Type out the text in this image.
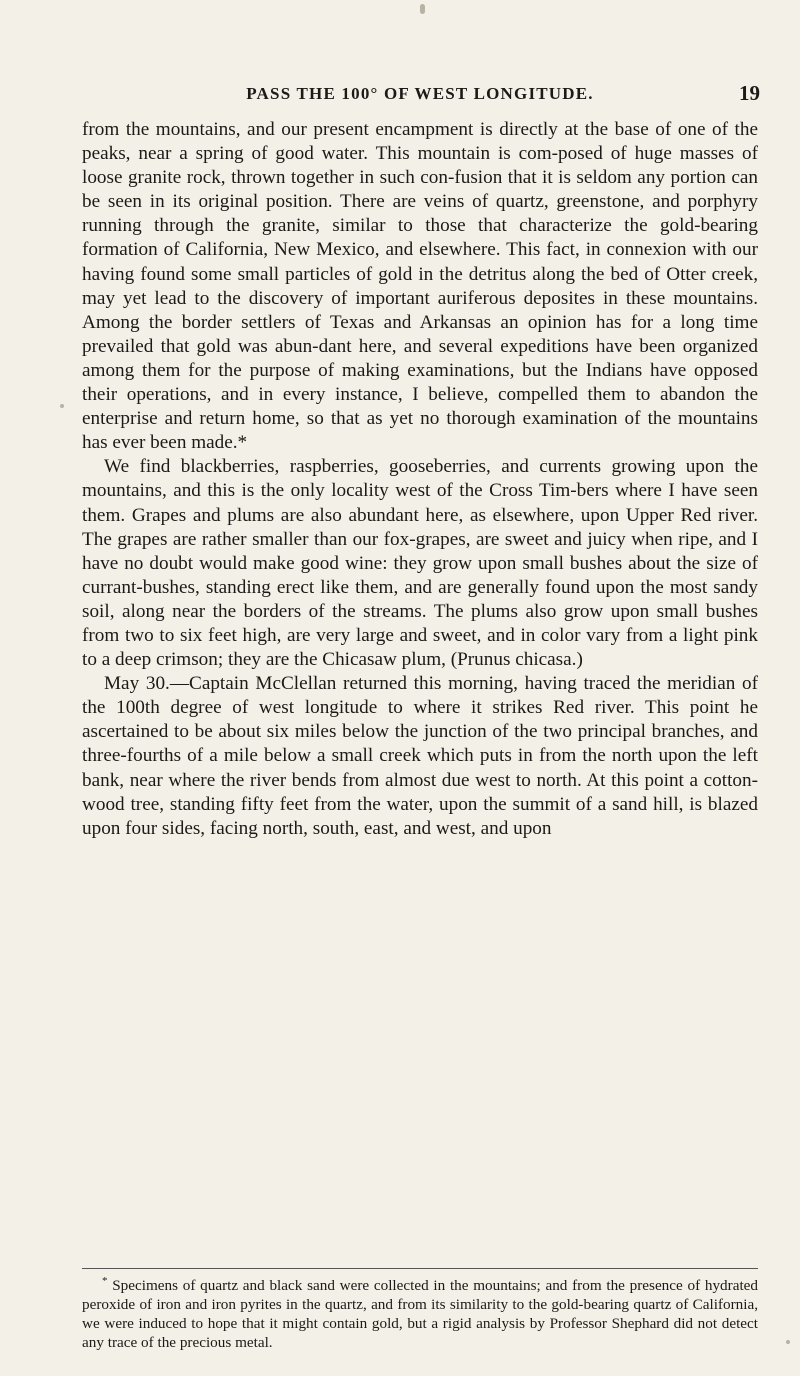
PASS THE 100° OF WEST LONGITUDE.	19

from the mountains, and our present encampment is directly at the base of one of the peaks, near a spring of good water. This mountain is com-posed of huge masses of loose granite rock, thrown together in such con-fusion that it is seldom any portion can be seen in its original position. There are veins of quartz, greenstone, and porphyry running through the granite, similar to those that characterize the gold-bearing formation of California, New Mexico, and elsewhere. This fact, in connexion with our having found some small particles of gold in the detritus along the bed of Otter creek, may yet lead to the discovery of important auriferous deposites in these mountains. Among the border settlers of Texas and Arkansas an opinion has for a long time prevailed that gold was abun-dant here, and several expeditions have been organized among them for the purpose of making examinations, but the Indians have opposed their operations, and in every instance, I believe, compelled them to abandon the enterprise and return home, so that as yet no thorough examination of the mountains has ever been made.*

We find blackberries, raspberries, gooseberries, and currents growing upon the mountains, and this is the only locality west of the Cross Tim-bers where I have seen them. Grapes and plums are also abundant here, as elsewhere, upon Upper Red river. The grapes are rather smaller than our fox-grapes, are sweet and juicy when ripe, and I have no doubt would make good wine: they grow upon small bushes about the size of currant-bushes, standing erect like them, and are generally found upon the most sandy soil, along near the borders of the streams. The plums also grow upon small bushes from two to six feet high, are very large and sweet, and in color vary from a light pink to a deep crimson; they are the Chicasaw plum, (Prunus chicasa.)

May 30.—Captain McClellan returned this morning, having traced the meridian of the 100th degree of west longitude to where it strikes Red river. This point he ascertained to be about six miles below the junction of the two principal branches, and three-fourths of a mile below a small creek which puts in from the north upon the left bank, near where the river bends from almost due west to north. At this point a cotton-wood tree, standing fifty feet from the water, upon the summit of a sand hill, is blazed upon four sides, facing north, south, east, and west, and upon

* Specimens of quartz and black sand were collected in the mountains; and from the presence of hydrated peroxide of iron and iron pyrites in the quartz, and from its similarity to the gold-bearing quartz of California, we were induced to hope that it might contain gold, but a rigid analysis by Professor Shephard did not detect any trace of the precious metal.
